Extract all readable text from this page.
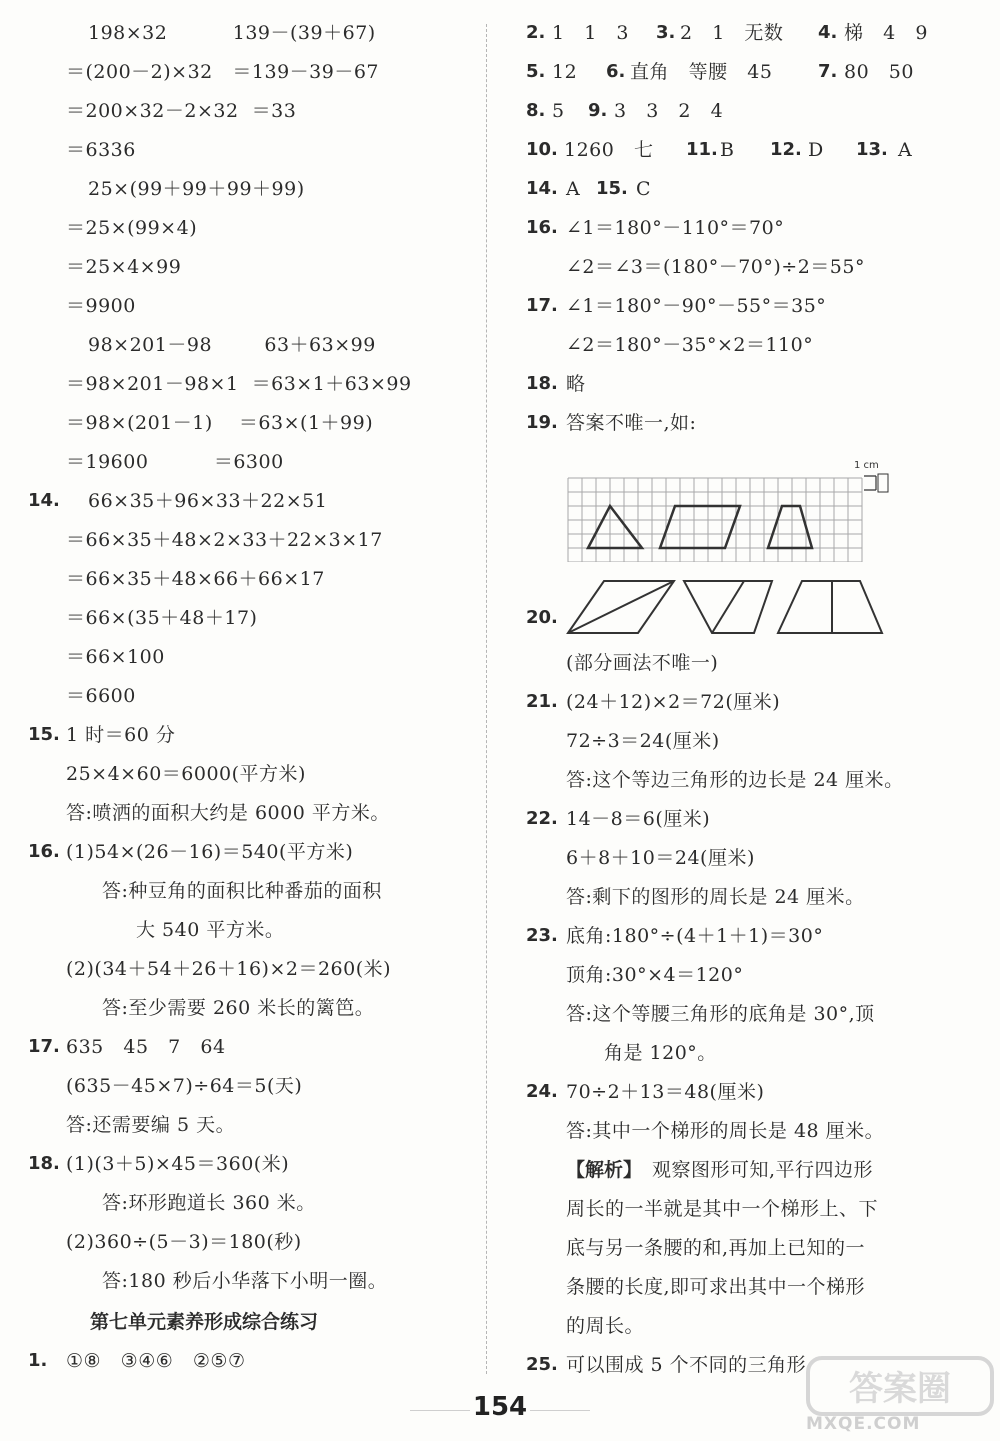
198×32          139－(39＋67)
＝(200－2)×32   ＝139－39－67
＝200×32－2×32  ＝33
＝6336
25×(99＋99＋99＋99)
＝25×(99×4)
＝25×4×99
＝9900
98×201－98        63＋63×99
＝98×201－98×1  ＝63×1＋63×99
＝98×(201－1)    ＝63×(1＋99)
＝19600          ＝6300
14. 66×35＋96×33＋22×51
＝66×35＋48×2×33＋22×3×17
＝66×35＋48×66＋66×17
＝66×(35＋48＋17)
＝66×100
＝6600
15. 1 时＝60 分
25×4×60＝6000(平方米)
答:喷洒的面积大约是 6000 平方米。
16. (1)54×(26－16)＝540(平方米)
答:种豆角的面积比种番茄的面积
大 540 平方米。
(2)(34＋54＋26＋16)×2＝260(米)
答:至少需要 260 米长的篱笆。
17. 635   45   7   64
(635－45×7)÷64＝5(天)
答:还需要编 5 天。
18. (1)(3＋5)×45＝360(米)
答:环形跑道长 360 米。
(2)360÷(5－3)＝180(秒)
答:180 秒后小华落下小明一圈。
第七单元素养形成综合练习
1. ①⑧   ③④⑥   ②⑤⑦
2. 1   1   3 3. 2   1   无数 4. 梯   4   9
5. 12 6. 直角   等腰   45	7. 80   50
8. 5 9. 3   3   2   4
10. 1260   七 11. B 12. D 13. A
14. A 15. C
16. ∠1＝180°－110°＝70°
∠2＝∠3＝(180°－70°)÷2＝55°
17. ∠1＝180°－90°－55°＝35°
∠2＝180°－35°×2＝110°
18. 略
19. 答案不唯一,如:
1 cm
20.
(部分画法不唯一)
21. (24＋12)×2＝72(厘米)
72÷3＝24(厘米)
答:这个等边三角形的边长是 24 厘米。
22. 14－8＝6(厘米)
6＋8＋10＝24(厘米)
答:剩下的图形的周长是 24 厘米。
23. 底角:180°÷(4＋1＋1)＝30°
顶角:30°×4＝120°
答:这个等腰三角形的底角是 30°,顶
角是 120°。
24. 70÷2＋13＝48(厘米)
答:其中一个梯形的周长是 48 厘米。
【解析】 观察图形可知,平行四边形
周长的一半就是其中一个梯形上、下
底与另一条腰的和,再加上已知的一
条腰的长度,即可求出其中一个梯形
的周长。
25. 可以围成 5 个不同的三角形
154	答案圈
MXQE.COM
